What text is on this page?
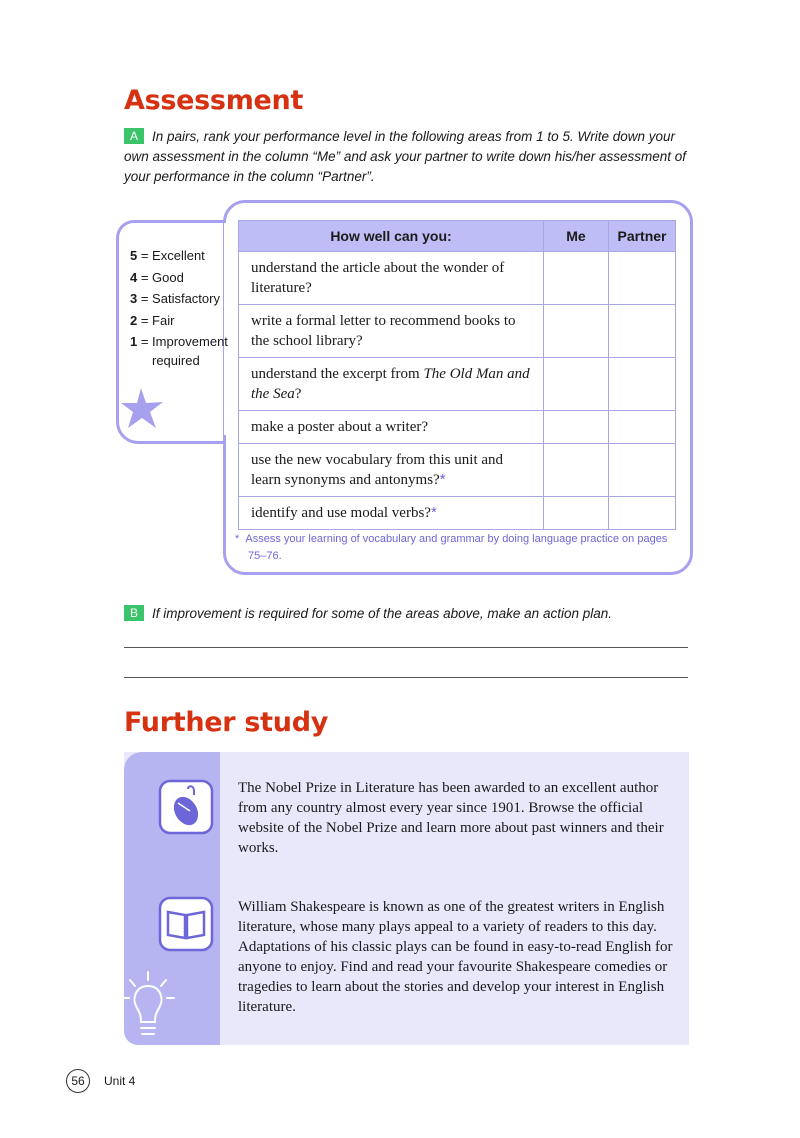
Assessment
A In pairs, rank your performance level in the following areas from 1 to 5. Write down your own assessment in the column “Me” and ask your partner to write down his/her assessment of your performance in the column “Partner”.
5 = Excellent
4 = Good
3 = Satisfactory
2 = Fair
1 = Improvement
required
How well can you:	Me	Partner
understand the article about the wonder of literature?		
write a formal letter to recommend books to the school library?		
understand the excerpt from The Old Man and the Sea?		
make a poster about a writer?		
use the new vocabulary from this unit and learn synonyms and antonyms?*		
identify and use modal verbs?*		
* Assess your learning of vocabulary and grammar by doing language practice on pages 75–76.
B If improvement is required for some of the areas above, make an action plan.
Further study
The Nobel Prize in Literature has been awarded to an excellent author from any country almost every year since 1901. Browse the official website of the Nobel Prize and learn more about past winners and their works.
William Shakespeare is known as one of the greatest writers in English literature, whose many plays appeal to a variety of readers to this day. Adaptations of his classic plays can be found in easy-to-read English for anyone to enjoy. Find and read your favourite Shakespeare comedies or tragedies to learn about the stories and develop your interest in English literature.
56	Unit 4
